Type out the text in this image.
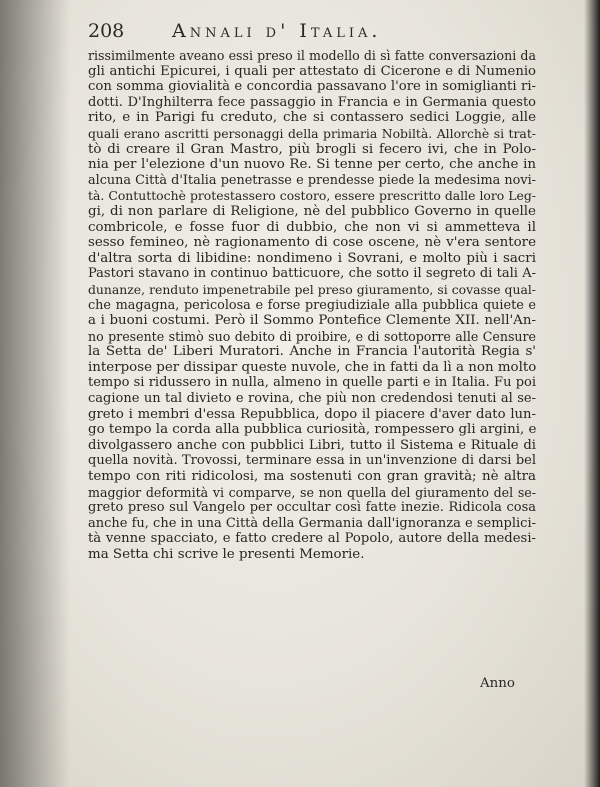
208	Annali d' Italia.
rissimilmente aveano essi preso il modello di sì fatte conversazioni da
gli antichi Epicurei, i quali per attestato di Cicerone e di Numenio
con somma giovialità e concordia passavano l'ore in somiglianti ri-
dotti. D'Inghilterra fece passaggio in Francia e in Germania questo
rito, e in Parigi fu creduto, che si contassero sedici Loggie, alle
quali erano ascritti personaggi della primaria Nobiltà. Allorchè si trat-
tò di creare il Gran Mastro, più brogli si fecero ivi, che in Polo-
nia per l'elezione d'un nuovo Re. Si tenne per certo, che anche in
alcuna Città d'Italia penetrasse e prendesse piede la medesima novi-
tà. Contuttochè protestassero costoro, essere prescritto dalle loro Leg-
gi, di non parlare di Religione, nè del pubblico Governo in quelle
combricole, e fosse fuor di dubbio, che non vi si ammetteva il
sesso femineo, nè ragionamento di cose oscene, nè v'era sentore
d'altra sorta di libidine: nondimeno i Sovrani, e molto più i sacri
Pastori stavano in continuo batticuore, che sotto il segreto di tali A-
dunanze, renduto impenetrabile pel preso giuramento, si covasse qual-
che magagna, pericolosa e forse pregiudiziale alla pubblica quiete e
a i buoni costumi. Però il Sommo Pontefice Clemente XII. nell'An-
no presente stimò suo debito di proibire, e di sottoporre alle Censure
la Setta de' Liberi Muratori. Anche in Francia l'autorità Regia s'
interpose per dissipar queste nuvole, che in fatti da lì a non molto
tempo si ridussero in nulla, almeno in quelle parti e in Italia. Fu poi
cagione un tal divieto e rovina, che più non credendosi tenuti al se-
greto i membri d'essa Repubblica, dopo il piacere d'aver dato lun-
go tempo la corda alla pubblica curiosità, rompessero gli argini, e
divolgassero anche con pubblici Libri, tutto il Sistema e Rituale di
quella novità. Trovossi, terminare essa in un'invenzione di darsi bel
tempo con riti ridicolosi, ma sostenuti con gran gravità; nè altra
maggior deformità vi comparve, se non quella del giuramento del se-
greto preso sul Vangelo per occultar così fatte inezie. Ridicola cosa
anche fu, che in una Città della Germania dall'ignoranza e semplici-
tà venne spacciato, e fatto credere al Popolo, autore della medesi-
ma Setta chi scrive le presenti Memorie.
Anno
